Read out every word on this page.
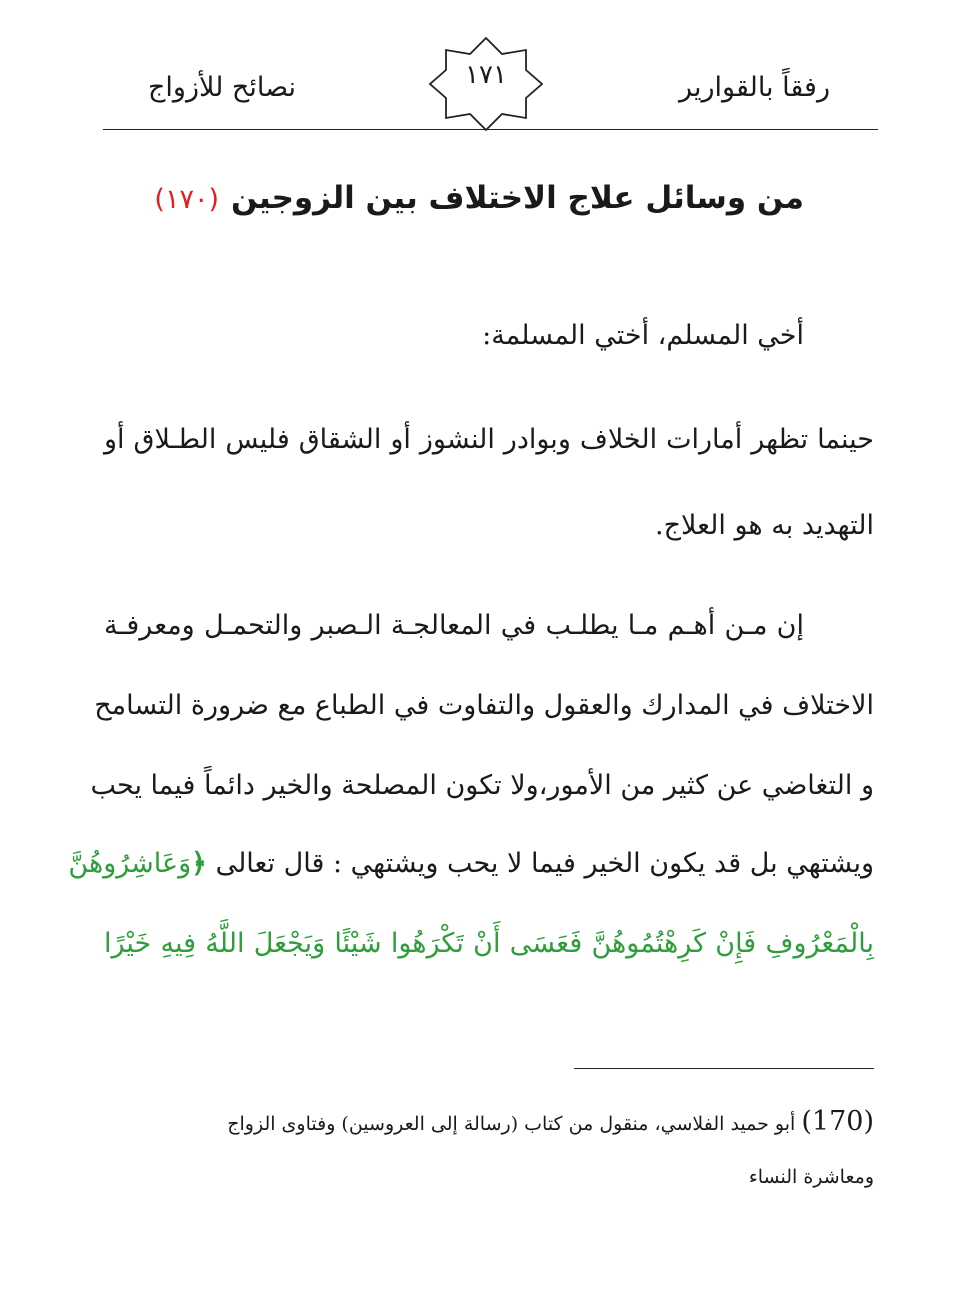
رفقاً بالقوارير
١٧١
نصائح للأزواج
من وسائل علاج الاختلاف بين الزوجين(١٧٠)
أخي المسلم، أختي المسلمة:
حينما تظهر أمارات الخلاف وبوادر النشوز أو الشقاق فليس الطـلاق أو
التهديد به هو العلاج.
إن مـن أهـم مـا يطلـب في المعالجـة الـصبر والتحمـل ومعرفـة
الاختلاف في المدارك والعقول والتفاوت في الطباع مع ضرورة التسامح
و التغاضي عن كثير من الأمور،ولا تكون المصلحة والخير دائماً فيما يحب
ويشتهي بل قد يكون الخير فيما لا يحب ويشتهي : قال تعالى ﴿وَعَاشِرُوهُنَّ
بِالْمَعْرُوفِ فَإِنْ كَرِهْتُمُوهُنَّ فَعَسَى أَنْ تَكْرَهُوا شَيْئًا وَيَجْعَلَ اللَّهُ فِيهِ خَيْرًا
(170) أبو حميد الفلاسي، منقول من كتاب (رسالة إلى العروسين) وفتاوى الزواج
ومعاشرة النساء
